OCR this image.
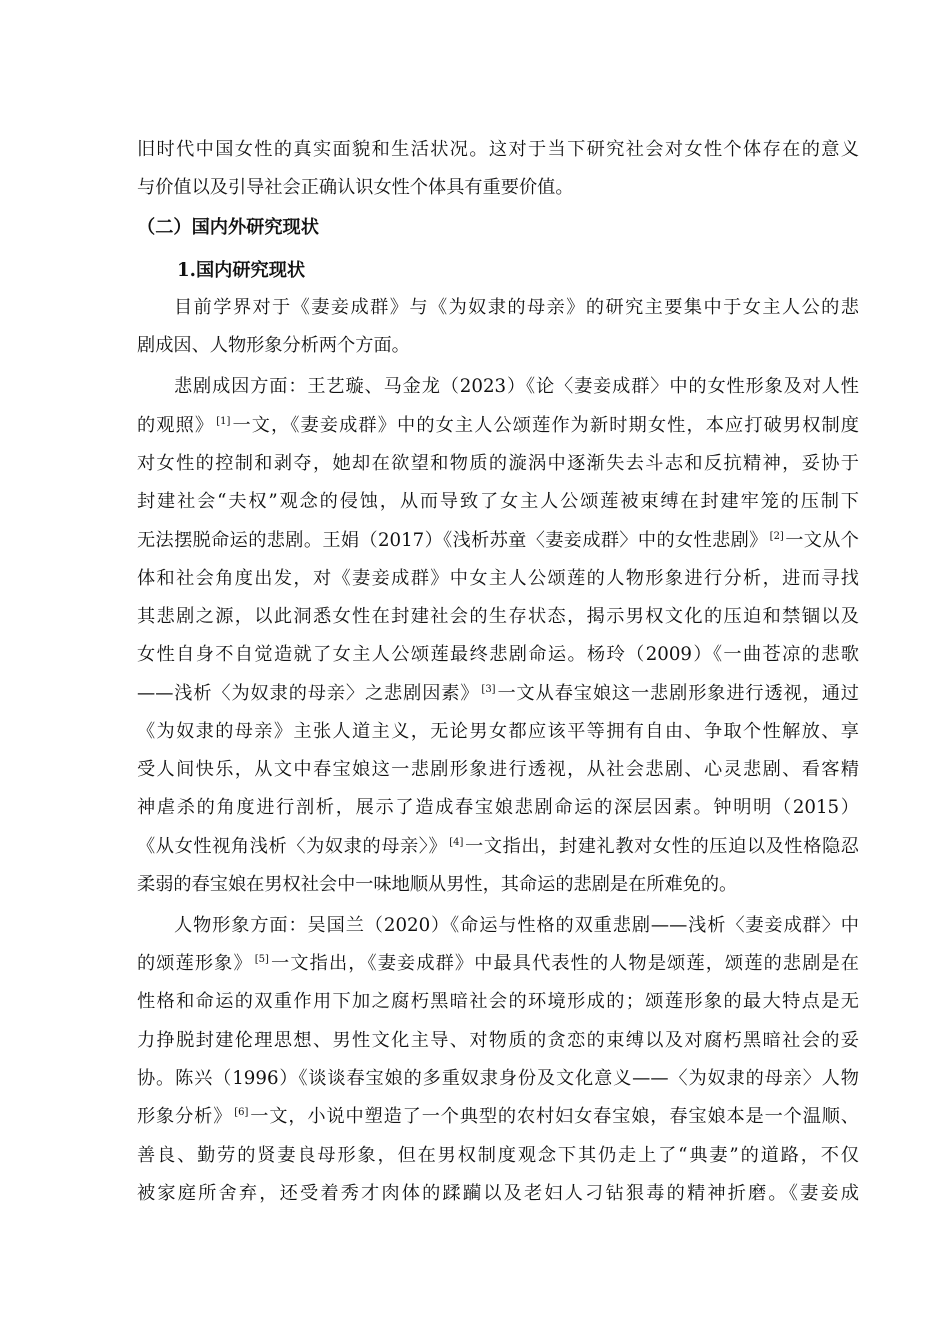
旧时代中国女性的真实面貌和生活状况。这对于当下研究社会对女性个体存在的意义
与价值以及引导社会正确认识女性个体具有重要价值。
（二）国内外研究现状
1.国内研究现状
目前学界对于《妻妾成群》与《为奴隶的母亲》的研究主要集中于女主人公的悲
剧成因、人物形象分析两个方面。
悲剧成因方面：王艺璇、马金龙（2023）《论〈妻妾成群〉中的女性形象及对人性
的观照》 [1]一文，《妻妾成群》中的女主人公颂莲作为新时期女性，本应打破男权制度
对女性的控制和剥夺，她却在欲望和物质的漩涡中逐渐失去斗志和反抗精神，妥协于
封建社会“夫权”观念的侵蚀，从而导致了女主人公颂莲被束缚在封建牢笼的压制下
无法摆脱命运的悲剧。王娟（2017）《浅析苏童〈妻妾成群〉中的女性悲剧》 [2]一文从个
体和社会角度出发，对《妻妾成群》中女主人公颂莲的人物形象进行分析，进而寻找
其悲剧之源，以此洞悉女性在封建社会的生存状态，揭示男权文化的压迫和禁锢以及
女性自身不自觉造就了女主人公颂莲最终悲剧命运。杨玲（2009）《一曲苍凉的悲歌
——浅析〈为奴隶的母亲〉之悲剧因素》 [3]一文从春宝娘这一悲剧形象进行透视，通过
《为奴隶的母亲》主张人道主义，无论男女都应该平等拥有自由、争取个性解放、享
受人间快乐，从文中春宝娘这一悲剧形象进行透视，从社会悲剧、心灵悲剧、看客精
神虐杀的角度进行剖析，展示了造成春宝娘悲剧命运的深层因素。钟明明（2015）
《从女性视角浅析〈为奴隶的母亲〉》 [4]一文指出，封建礼教对女性的压迫以及性格隐忍
柔弱的春宝娘在男权社会中一味地顺从男性，其命运的悲剧是在所难免的。
人物形象方面：吴国兰（2020）《命运与性格的双重悲剧——浅析〈妻妾成群〉中
的颂莲形象》 [5]一文指出，《妻妾成群》中最具代表性的人物是颂莲，颂莲的悲剧是在
性格和命运的双重作用下加之腐朽黑暗社会的环境形成的；颂莲形象的最大特点是无
力挣脱封建伦理思想、男性文化主导、对物质的贪恋的束缚以及对腐朽黑暗社会的妥
协。陈兴（1996）《谈谈春宝娘的多重奴隶身份及文化意义——〈为奴隶的母亲〉人物
形象分析》 [6]一文，小说中塑造了一个典型的农村妇女春宝娘，春宝娘本是一个温顺、
善良、勤劳的贤妻良母形象，但在男权制度观念下其仍走上了“典妻”的道路，不仅
被家庭所舍弃，还受着秀才肉体的蹂躏以及老妇人刁钻狠毒的精神折磨。《妻妾成
